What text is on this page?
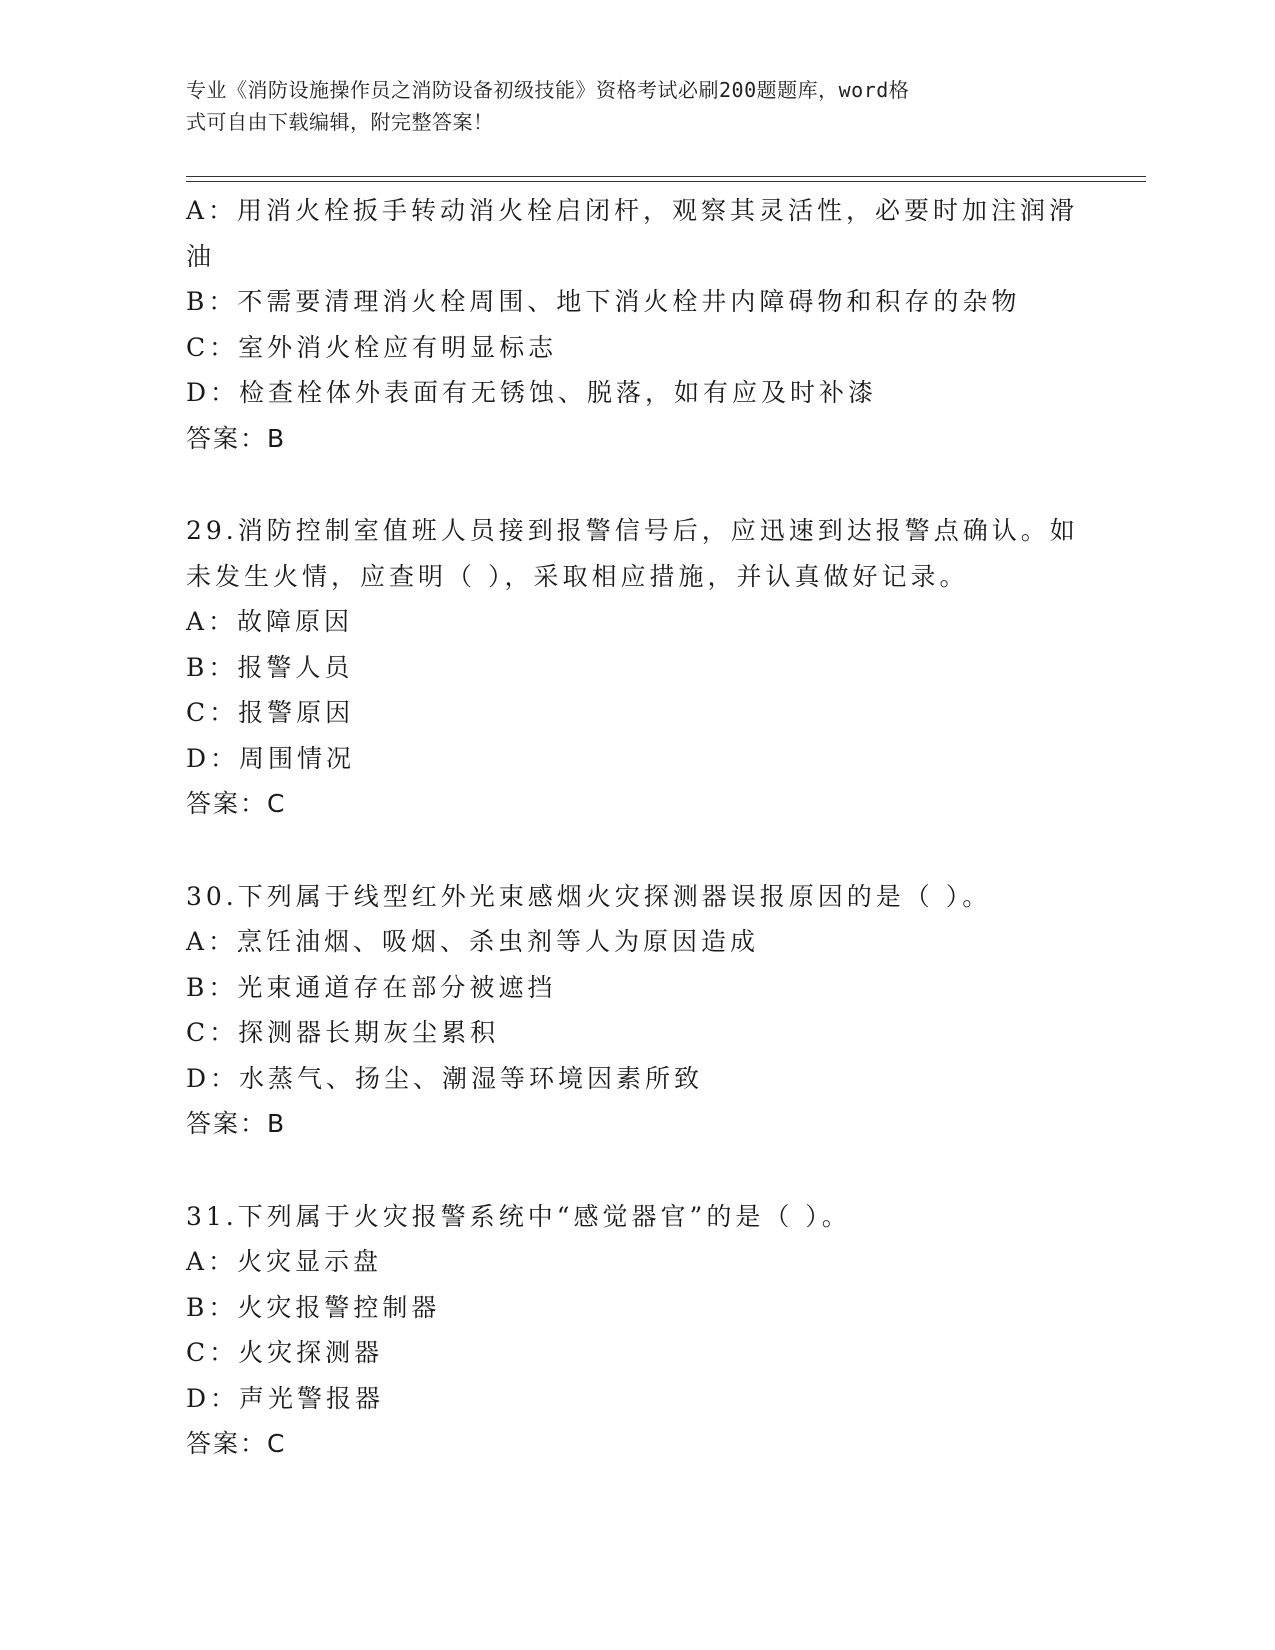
专业《消防设施操作员之消防设备初级技能》资格考试必刷200题题库，word格
式可自由下载编辑，附完整答案！
A：用消火栓扳手转动消火栓启闭杆，观察其灵活性，必要时加注润滑
油
B：不需要清理消火栓周围、地下消火栓井内障碍物和积存的杂物
C：室外消火栓应有明显标志
D：检查栓体外表面有无锈蚀、脱落，如有应及时补漆
答案：B
29.消防控制室值班人员接到报警信号后，应迅速到达报警点确认。如
未发生火情，应查明（ ），采取相应措施，并认真做好记录。
A：故障原因
B：报警人员
C：报警原因
D：周围情况
答案：C
30.下列属于线型红外光束感烟火灾探测器误报原因的是（ ）。
A：烹饪油烟、吸烟、杀虫剂等人为原因造成
B：光束通道存在部分被遮挡
C：探测器长期灰尘累积
D：水蒸气、扬尘、潮湿等环境因素所致
答案：B
31.下列属于火灾报警系统中“感觉器官”的是（ ）。
A：火灾显示盘
B：火灾报警控制器
C：火灾探测器
D：声光警报器
答案：C
